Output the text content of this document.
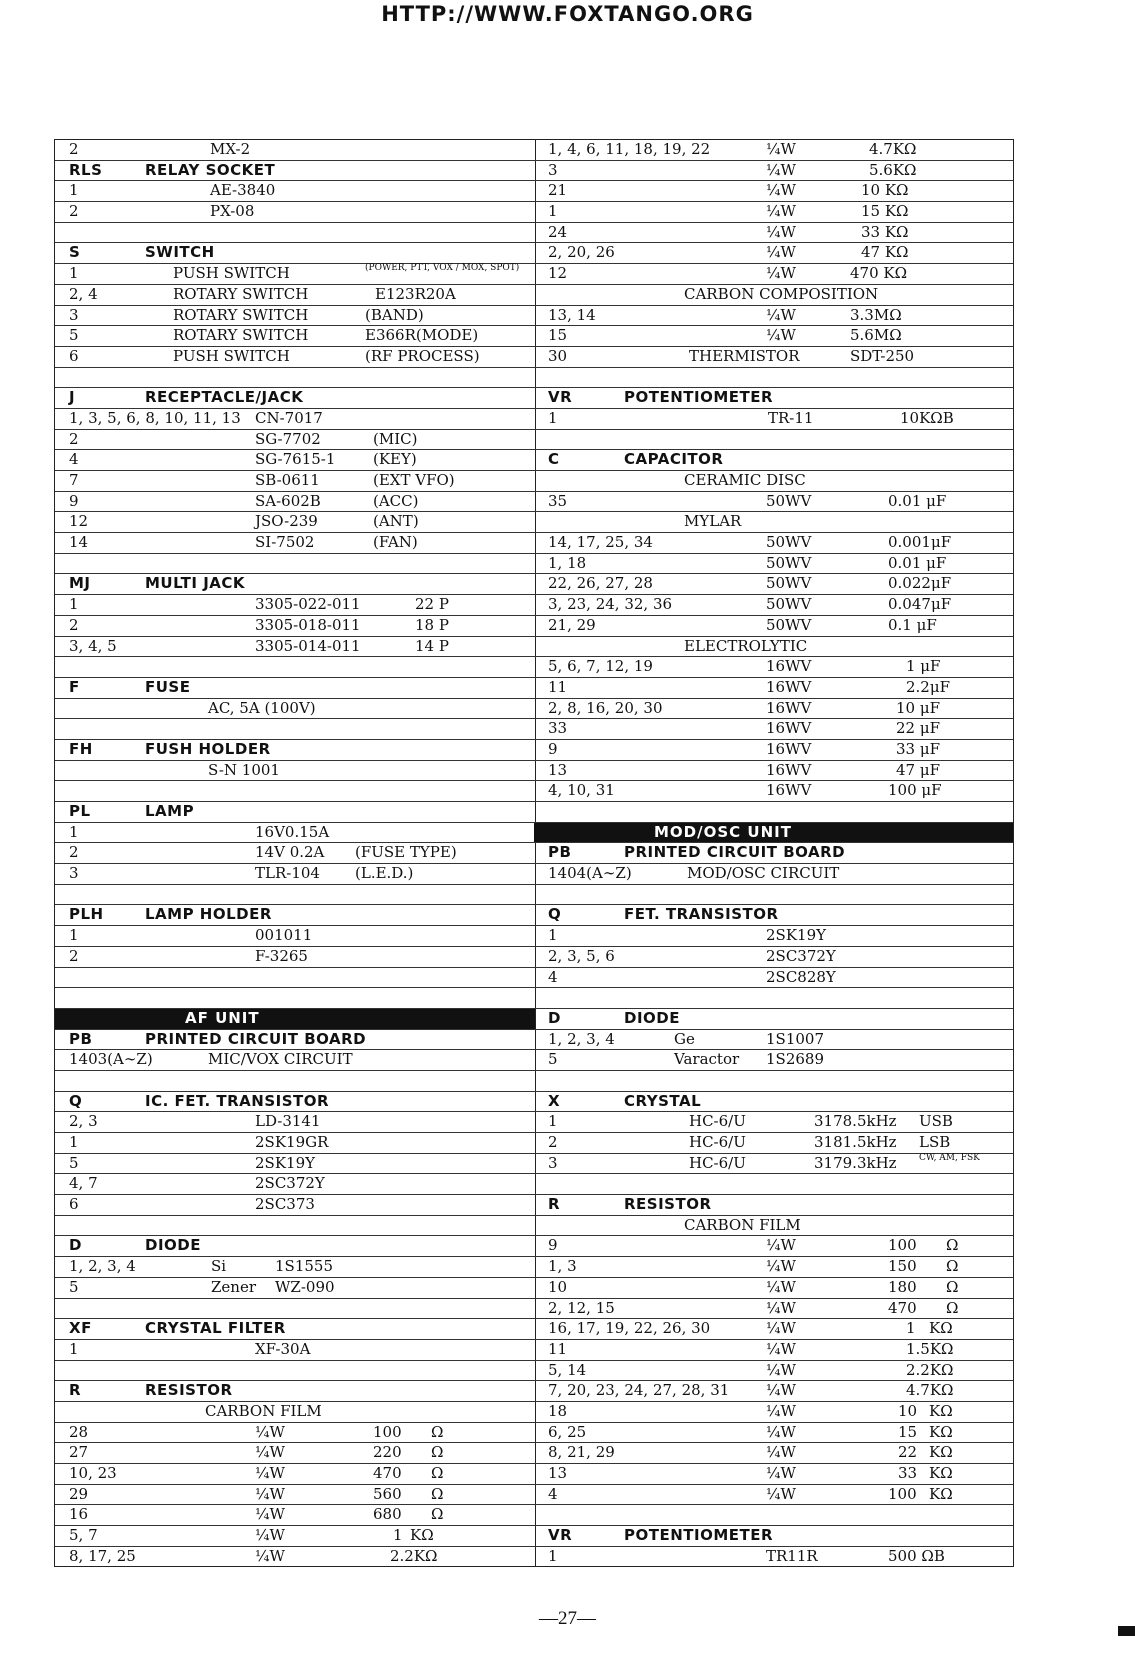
HTTP://WWW.FOXTANGO.ORG
2	MX-2
RLS	RELAY SOCKET
1	AE-3840
2	PX-08
S	SWITCH
1	PUSH SWITCH	(POWER, PTT, VOX / MOX, SPOT)
2, 4	ROTARY SWITCH	E123R20A
3	ROTARY SWITCH	(BAND)
5	ROTARY SWITCH	E366R(MODE)
6	PUSH SWITCH	(RF PROCESS)
J	RECEPTACLE/JACK
1, 3, 5, 6, 8, 10, 11, 13 CN-7017
2	SG-7702	(MIC)
4	SG-7615-1	(KEY)
7	SB-0611	(EXT VFO)
9	SA-602B	(ACC)
12	JSO-239	(ANT)
14	SI-7502	(FAN)
MJ	MULTI JACK
1	3305-022-011	22 P
2	3305-018-011	18 P
3, 4, 5	3305-014-011	14 P
F	FUSE
AC, 5A (100V)
FH	FUSH HOLDER
S-N 1001
PL	LAMP
1	16V0.15A
2	14V 0.2A (FUSE TYPE)
3	TLR-104 (L.E.D.)
PLH	LAMP HOLDER
1	001011
2	F-3265
AF UNIT
PB	PRINTED CIRCUIT BOARD
1403(A∼Z)	MIC/VOX CIRCUIT
Q	IC. FET. TRANSISTOR
2, 3	LD-3141
1	2SK19GR
5	2SK19Y
4, 7	2SC372Y
6	2SC373
D	DIODE
1, 2, 3, 4	Si	1S1555
5	Zener WZ-090
XF	CRYSTAL FILTER
1	XF-30A
R	RESISTOR
CARBON FILM
28	¼W	100 Ω
27	¼W	220 Ω
10, 23	¼W	470 Ω
29	¼W	560 Ω
16	¼W	680 Ω
5, 7	¼W	1 KΩ
8, 17, 25	¼W	2.2KΩ
1, 4, 6, 11, 18, 19, 22	¼W	4.7KΩ
3	¼W	5.6KΩ
21	¼W	10 KΩ
1	¼W	15 KΩ
24	¼W	33 KΩ
2, 20, 26	¼W	47 KΩ
12	¼W	470 KΩ
CARBON COMPOSITION
13, 14	¼W	3.3MΩ
15	¼W	5.6MΩ
30	THERMISTOR	SDT-250
VR	POTENTIOMETER
1	TR-11	10KΩB
C	CAPACITOR
CERAMIC DISC
35	50WV	0.01 μF
MYLAR
14, 17, 25, 34	50WV	0.001μF
1, 18	50WV	0.01 μF
22, 26, 27, 28	50WV	0.022μF
3, 23, 24, 32, 36	50WV	0.047μF
21, 29	50WV	0.1 μF
ELECTROLYTIC
5, 6, 7, 12, 19	16WV	1 μF
11	16WV	2.2μF
2, 8, 16, 20, 30	16WV	10 μF
33	16WV	22 μF
9	16WV	33 μF
13	16WV	47 μF
4, 10, 31	16WV	100 μF
MOD/OSC UNIT
PB	PRINTED CIRCUIT BOARD
1404(A∼Z)	MOD/OSC CIRCUIT
Q	FET. TRANSISTOR
1	2SK19Y
2, 3, 5, 6	2SC372Y
4	2SC828Y
D	DIODE
1, 2, 3, 4	Ge	1S1007
5	Varactor 1S2689
X	CRYSTAL
1	HC-6/U	3178.5kHz USB
2	HC-6/U	3181.5kHz LSB
3	HC-6/U	3179.3kHz CW, AM, FSK
R	RESISTOR
CARBON FILM
9	¼W	100 Ω
1, 3	¼W	150 Ω
10	¼W	180 Ω
2, 12, 15	¼W	470 Ω
16, 17, 19, 22, 26, 30	¼W	1 KΩ
11	¼W	1.5KΩ
5, 14	¼W	2.2KΩ
7, 20, 23, 24, 27, 28, 31 ¼W	4.7KΩ
18	¼W	10 KΩ
6, 25	¼W	15 KΩ
8, 21, 29	¼W	22 KΩ
13	¼W	33 KΩ
4	¼W	100 KΩ
VR	POTENTIOMETER
1	TR11R	500 ΩB
—27—
